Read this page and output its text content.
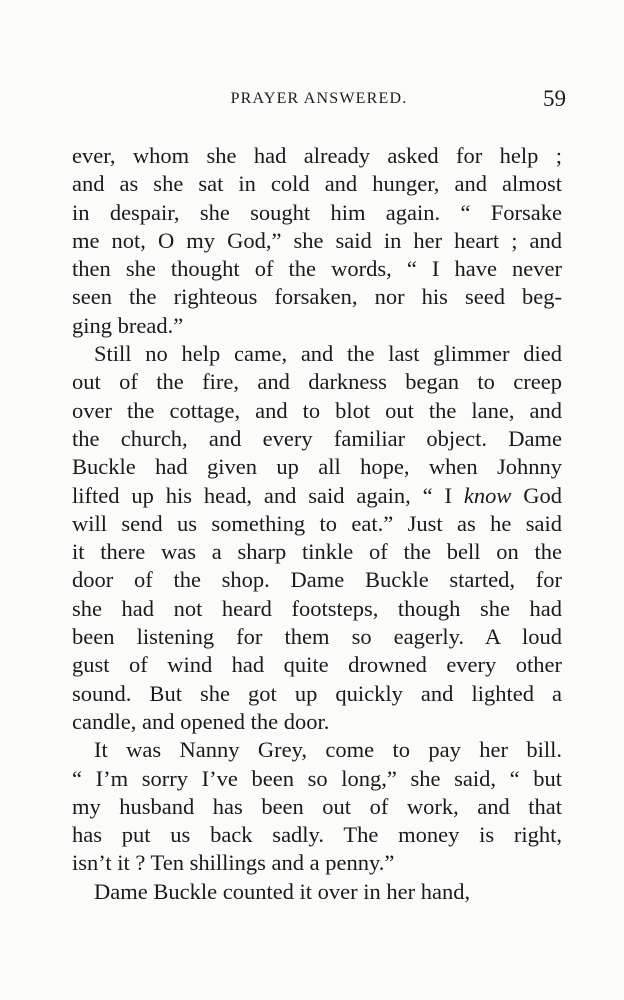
PRAYER ANSWERED.	59
ever, whom she had already asked for help ;
and as she sat in cold and hunger, and almost
in despair, she sought him again. “ Forsake
me not, O my God,” she said in her heart ; and
then she thought of the words, “ I have never
seen the righteous forsaken, nor his seed beg-
ging bread.”
Still no help came, and the last glimmer died
out of the fire, and darkness began to creep
over the cottage, and to blot out the lane, and
the church, and every familiar object. Dame
Buckle had given up all hope, when Johnny
lifted up his head, and said again, “ I know God
will send us something to eat.” Just as he said
it there was a sharp tinkle of the bell on the
door of the shop. Dame Buckle started, for
she had not heard footsteps, though she had
been listening for them so eagerly. A loud
gust of wind had quite drowned every other
sound. But she got up quickly and lighted a
candle, and opened the door.
It was Nanny Grey, come to pay her bill.
“ I’m sorry I’ve been so long,” she said, “ but
my husband has been out of work, and that
has put us back sadly. The money is right,
isn’t it ? Ten shillings and a penny.”
Dame Buckle counted it over in her hand,
